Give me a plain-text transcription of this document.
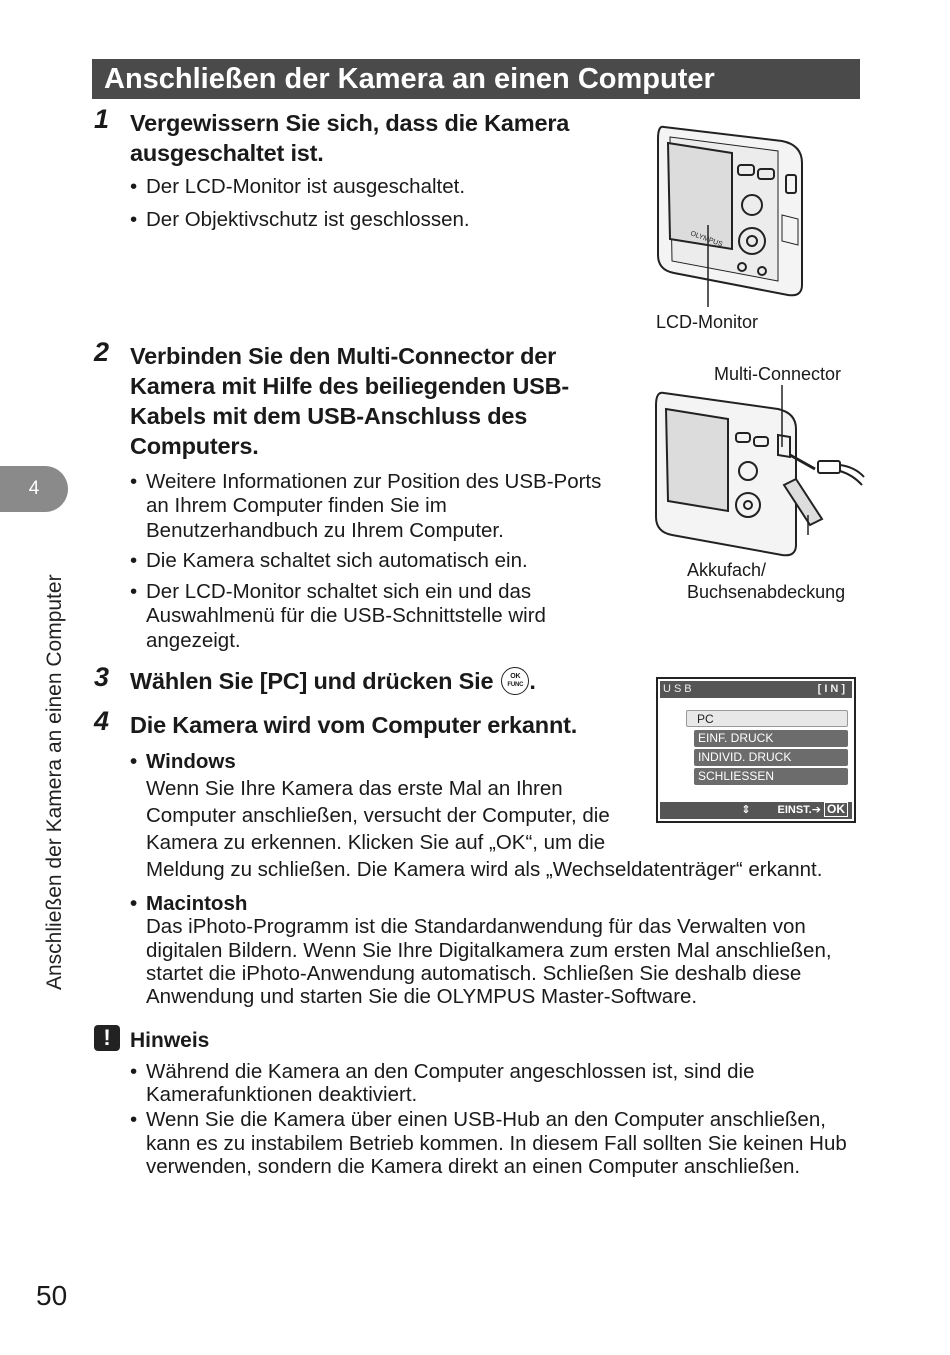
Anschließen der Kamera an einen Computer
4
Anschließen der Kamera an einen Computer
1 Vergewissern Sie sich, dass die Kamera
ausgeschaltet ist.
• Der LCD-Monitor ist ausgeschaltet.
• Der Objektivschutz ist geschlossen.
OLYMPUS
LCD-Monitor
2 Verbinden Sie den Multi-Connector der
Kamera mit Hilfe des beiliegenden USB-
Kabels mit dem USB-Anschluss des
Computers.
• Weitere Informationen zur Position des USB-Ports
an Ihrem Computer finden Sie im
Benutzerhandbuch zu Ihrem Computer.
• Die Kamera schaltet sich automatisch ein.
• Der LCD-Monitor schaltet sich ein und das
Auswahlmenü für die USB-Schnittstelle wird
angezeigt.
Multi-Connector
Akkufach/
Buchsenabdeckung
3 Wählen Sie [PC] und drücken Sie OK
FUNC .	USB	[IN]
PC
EINF. DRUCK
INDIVID. DRUCK
SCHLIESSEN
⇕ EINST.➔ OK
4 Die Kamera wird vom Computer erkannt.
• Windows
Wenn Sie Ihre Kamera das erste Mal an Ihren
Computer anschließen, versucht der Computer, die
Kamera zu erkennen. Klicken Sie auf „OK“, um die
Meldung zu schließen. Die Kamera wird als „Wechseldatenträger“ erkannt.
• Macintosh
Das iPhoto-Programm ist die Standardanwendung für das Verwalten von
digitalen Bildern. Wenn Sie Ihre Digitalkamera zum ersten Mal anschließen,
startet die iPhoto-Anwendung automatisch. Schließen Sie deshalb diese
Anwendung und starten Sie die OLYMPUS Master-Software.
! Hinweis
• Während die Kamera an den Computer angeschlossen ist, sind die
Kamerafunktionen deaktiviert.
• Wenn Sie die Kamera über einen USB-Hub an den Computer anschließen,
kann es zu instabilem Betrieb kommen. In diesem Fall sollten Sie keinen Hub
verwenden, sondern die Kamera direkt an einen Computer anschließen.
50
